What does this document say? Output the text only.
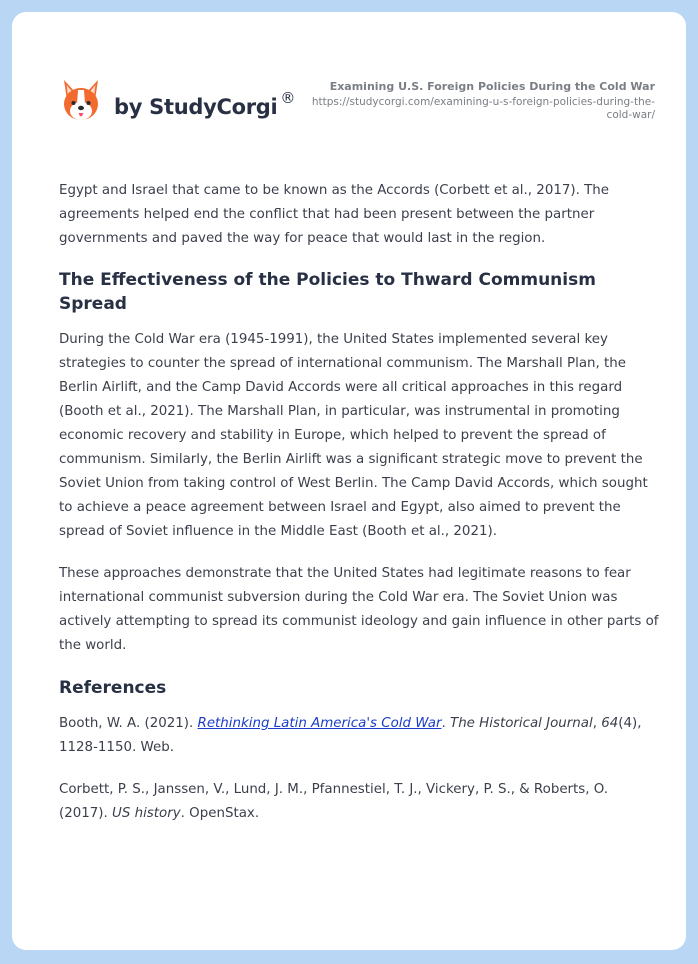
by StudyCorgi ®
Examining U.S. Foreign Policies During the Cold War
https://studycorgi.com/examining-u-s-foreign-policies-during-the-cold-war/

Egypt and Israel that came to be known as the Accords (Corbett et al., 2017). The agreements helped end the conflict that had been present between the partner governments and paved the way for peace that would last in the region.

The Effectiveness of the Policies to Thward Communism Spread

During the Cold War era (1945-1991), the United States implemented several key strategies to counter the spread of international communism. The Marshall Plan, the Berlin Airlift, and the Camp David Accords were all critical approaches in this regard (Booth et al., 2021). The Marshall Plan, in particular, was instrumental in promoting economic recovery and stability in Europe, which helped to prevent the spread of communism. Similarly, the Berlin Airlift was a significant strategic move to prevent the Soviet Union from taking control of West Berlin. The Camp David Accords, which sought to achieve a peace agreement between Israel and Egypt, also aimed to prevent the spread of Soviet influence in the Middle East (Booth et al., 2021).

These approaches demonstrate that the United States had legitimate reasons to fear international communist subversion during the Cold War era. The Soviet Union was actively attempting to spread its communist ideology and gain influence in other parts of the world.

References

Booth, W. A. (2021). Rethinking Latin America's Cold War. The Historical Journal, 64(4), 1128-1150. Web.

Corbett, P. S., Janssen, V., Lund, J. M., Pfannestiel, T. J., Vickery, P. S., & Roberts, O. (2017). US history. OpenStax.
